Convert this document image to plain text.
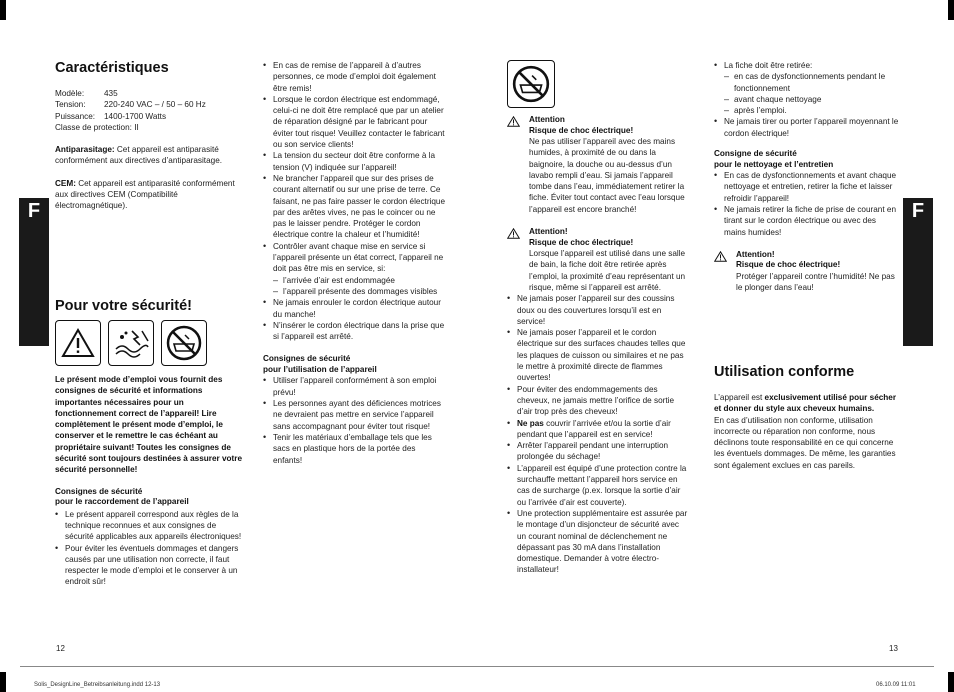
F	F
Caractéristiques
Modèle:	435
Tension:	220-240 VAC – / 50 – 60 Hz
Puissance:	1400-1700 Watts

Classe de protection: II

Antiparasitage: Cet appareil est antiparasité conformément aux directives d’antiparasitage.

CEM: Cet appareil est antiparasité conformément aux directives CEM (Compatibilité électromagnétique).

Pour votre sécurité!

Le présent mode d’emploi vous fournit des consignes de sécurité et informations importantes nécessaires pour un fonctionnement correct de l’appareil! Lire complètement le présent mode d’emploi, le conserver et le remettre le cas échéant au propriétaire suivant! Toutes les consignes de sécurité sont toujours destinées à assurer votre sécurité personnelle!

Consignes de sécurité

pour le raccordement de l’appareil

• Le présent appareil correspond aux règles de la technique reconnues et aux consignes de sécurité applicables aux appareils électroniques!
• Pour éviter les éventuels dommages et dangers causés par une utilisation non correcte, il faut respecter le mode d’emploi et le conserver à un endroit sûr!
12
• En cas de remise de l’appareil à d’autres personnes, ce mode d’emploi doit également être remis!
• Lorsque le cordon électrique est endommagé, celui-ci ne doit être remplacé que par un atelier de réparation désigné par le fabricant pour éviter tout risque! Veuillez contacter le fabricant ou son service clients!
• La tension du secteur doit être conforme à la tension (V) indiquée sur l’appareil!
• Ne brancher l’appareil que sur des prises de courant alternatif ou sur une prise de terre. Ce faisant, ne pas faire passer le cordon électrique par des arêtes vives, ne pas le coincer ou ne pas le laisser pendre. Protéger le cordon électrique contre la chaleur et l’humidité!
• Contrôler avant chaque mise en service si l’appareil présente un état correct, l’appareil ne doit pas être mis en service, si:
– l’arrivée d’air est endommagée
– l’appareil présente des dommages visibles
• Ne jamais enrouler le cordon électrique autour du manche!
• N’insérer le cordon électrique dans la prise que si l’appareil est arrêté.

Consignes de sécurité

pour l’utilisation de l’appareil

• Utiliser l’appareil conformément à son emploi prévu!
• Les personnes ayant des déficiences motrices ne devraient pas mettre en service l’appareil sans accompagnant pour éviter tout risque!
• Tenir les matériaux d’emballage tels que les sacs en plastique hors de la portée des enfants!

Attention

Risque de choc électrique!

Ne pas utiliser l’appareil avec des mains humides, à proximité de ou dans la baignoire, la douche ou au-dessus d’un lavabo rempli d’eau. Si jamais l’appareil tombe dans l’eau, immédiatement retirer la fiche. Éviter tout contact avec l’eau lorsque l’appareil est encore branché!

Attention!

Risque de choc électrique!

Lorsque l’appareil est utilisé dans une salle de bain, la fiche doit être retirée après l’emploi, la proximité d’eau représentant un risque, même si l’appareil est arrêté.

• Ne jamais poser l’appareil sur des coussins doux ou des couvertures lorsqu’il est en service!
• Ne jamais poser l’appareil et le cordon électrique sur des surfaces chaudes telles que les plaques de cuisson ou similaires et ne pas le mettre à proximité directe de flammes ouvertes!
• Pour éviter des endommagements des cheveux, ne jamais mettre l’orifice de sortie d’air trop près des cheveux!
• Ne pas couvrir l’arrivée et/ou la sortie d’air pendant que l’appareil est en service!
• Arrêter l’appareil pendant une interruption prolongée du séchage!
• L’appareil est équipé d’une protection contre la surchauffe mettant l’appareil hors service en cas de surcharge (p.ex. lorsque la sortie d’air ou l’arrivée d’air est couverte).
• Une protection supplémentaire est assurée par le montage d’un disjoncteur de sécurité avec un courant nominal de déclenchement ne dépassant pas 30 mA dans l’installation domestique. Demander à votre électro-installateur!
• La fiche doit être retirée:
– en cas de dysfonctionnements pendant le fonctionnement
– avant chaque nettoyage
– après l’emploi.
• Ne jamais tirer ou porter l’appareil moyennant le cordon électrique!

Consigne de sécurité

pour le nettoyage et l’entretien

• En cas de dysfonctionnements et avant chaque nettoyage et entretien, retirer la fiche et laisser refroidir l’appareil!
• Ne jamais retirer la fiche de prise de courant en tirant sur le cordon électrique ou avec des mains humides!

Attention!

Risque de choc électrique!

Protéger l’appareil contre l’humidité! Ne pas le plonger dans l’eau!

Utilisation conforme

L’appareil est exclusivement utilisé pour sécher et donner du style aux cheveux humains.

En cas d’utilisation non conforme, utilisation incorrecte ou réparation non conforme, nous déclinons toute responsabilité en ce qui concerne les éventuels dommages. De même, les garanties sont également exclues en cas pareils.

13
Solis_DesignLine_Betreibsanleitung.indd 12-13	06.10.09 11:01
